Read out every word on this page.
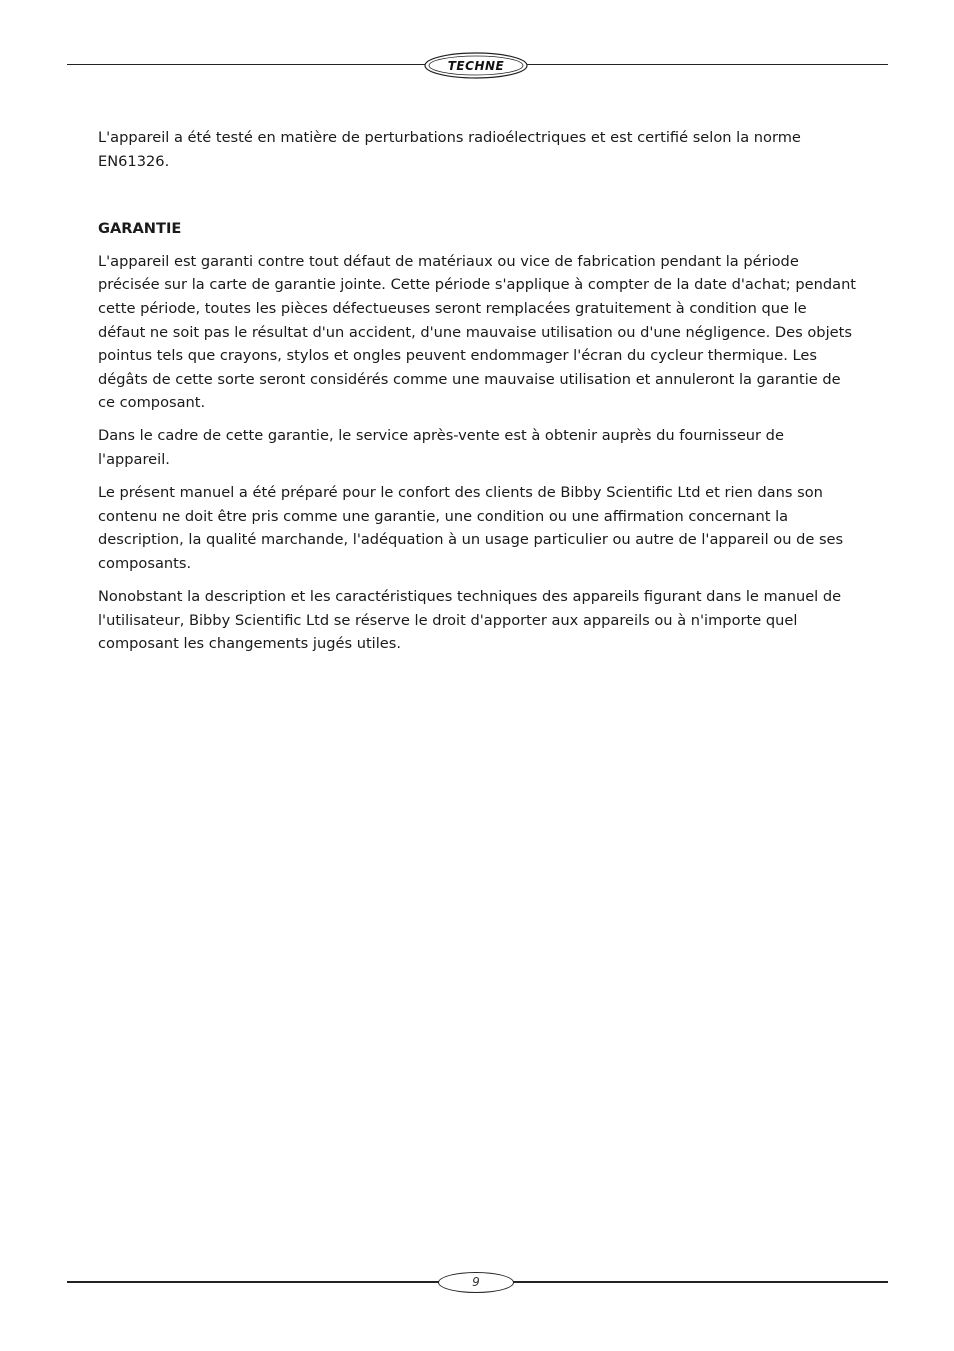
TECHNE

L'appareil a été testé en matière de perturbations radioélectriques et est certifié selon la norme EN61326.

GARANTIE

L'appareil est garanti contre tout défaut de matériaux ou vice de fabrication pendant la période précisée sur la carte de garantie jointe. Cette période s'applique à compter de la date d'achat; pendant cette période, toutes les pièces défectueuses seront remplacées gratuitement à condition que le défaut ne soit pas le résultat d'un accident, d'une mauvaise utilisation ou d'une négligence. Des objets pointus tels que crayons, stylos et ongles peuvent endommager l'écran du cycleur thermique. Les dégâts de cette sorte seront considérés comme une mauvaise utilisation et annuleront la garantie de ce composant.

Dans le cadre de cette garantie, le service après-vente est à obtenir auprès du fournisseur de l'appareil.

Le présent manuel a été préparé pour le confort des clients de Bibby Scientific Ltd et rien dans son contenu ne doit être pris comme une garantie, une condition ou une affirmation concernant la description, la qualité marchande, l'adéquation à un usage particulier ou autre de l'appareil ou de ses composants.

Nonobstant la description et les caractéristiques techniques des appareils figurant dans le manuel de l'utilisateur, Bibby Scientific Ltd se réserve le droit d'apporter aux appareils ou à n'importe quel composant les changements jugés utiles.

9
